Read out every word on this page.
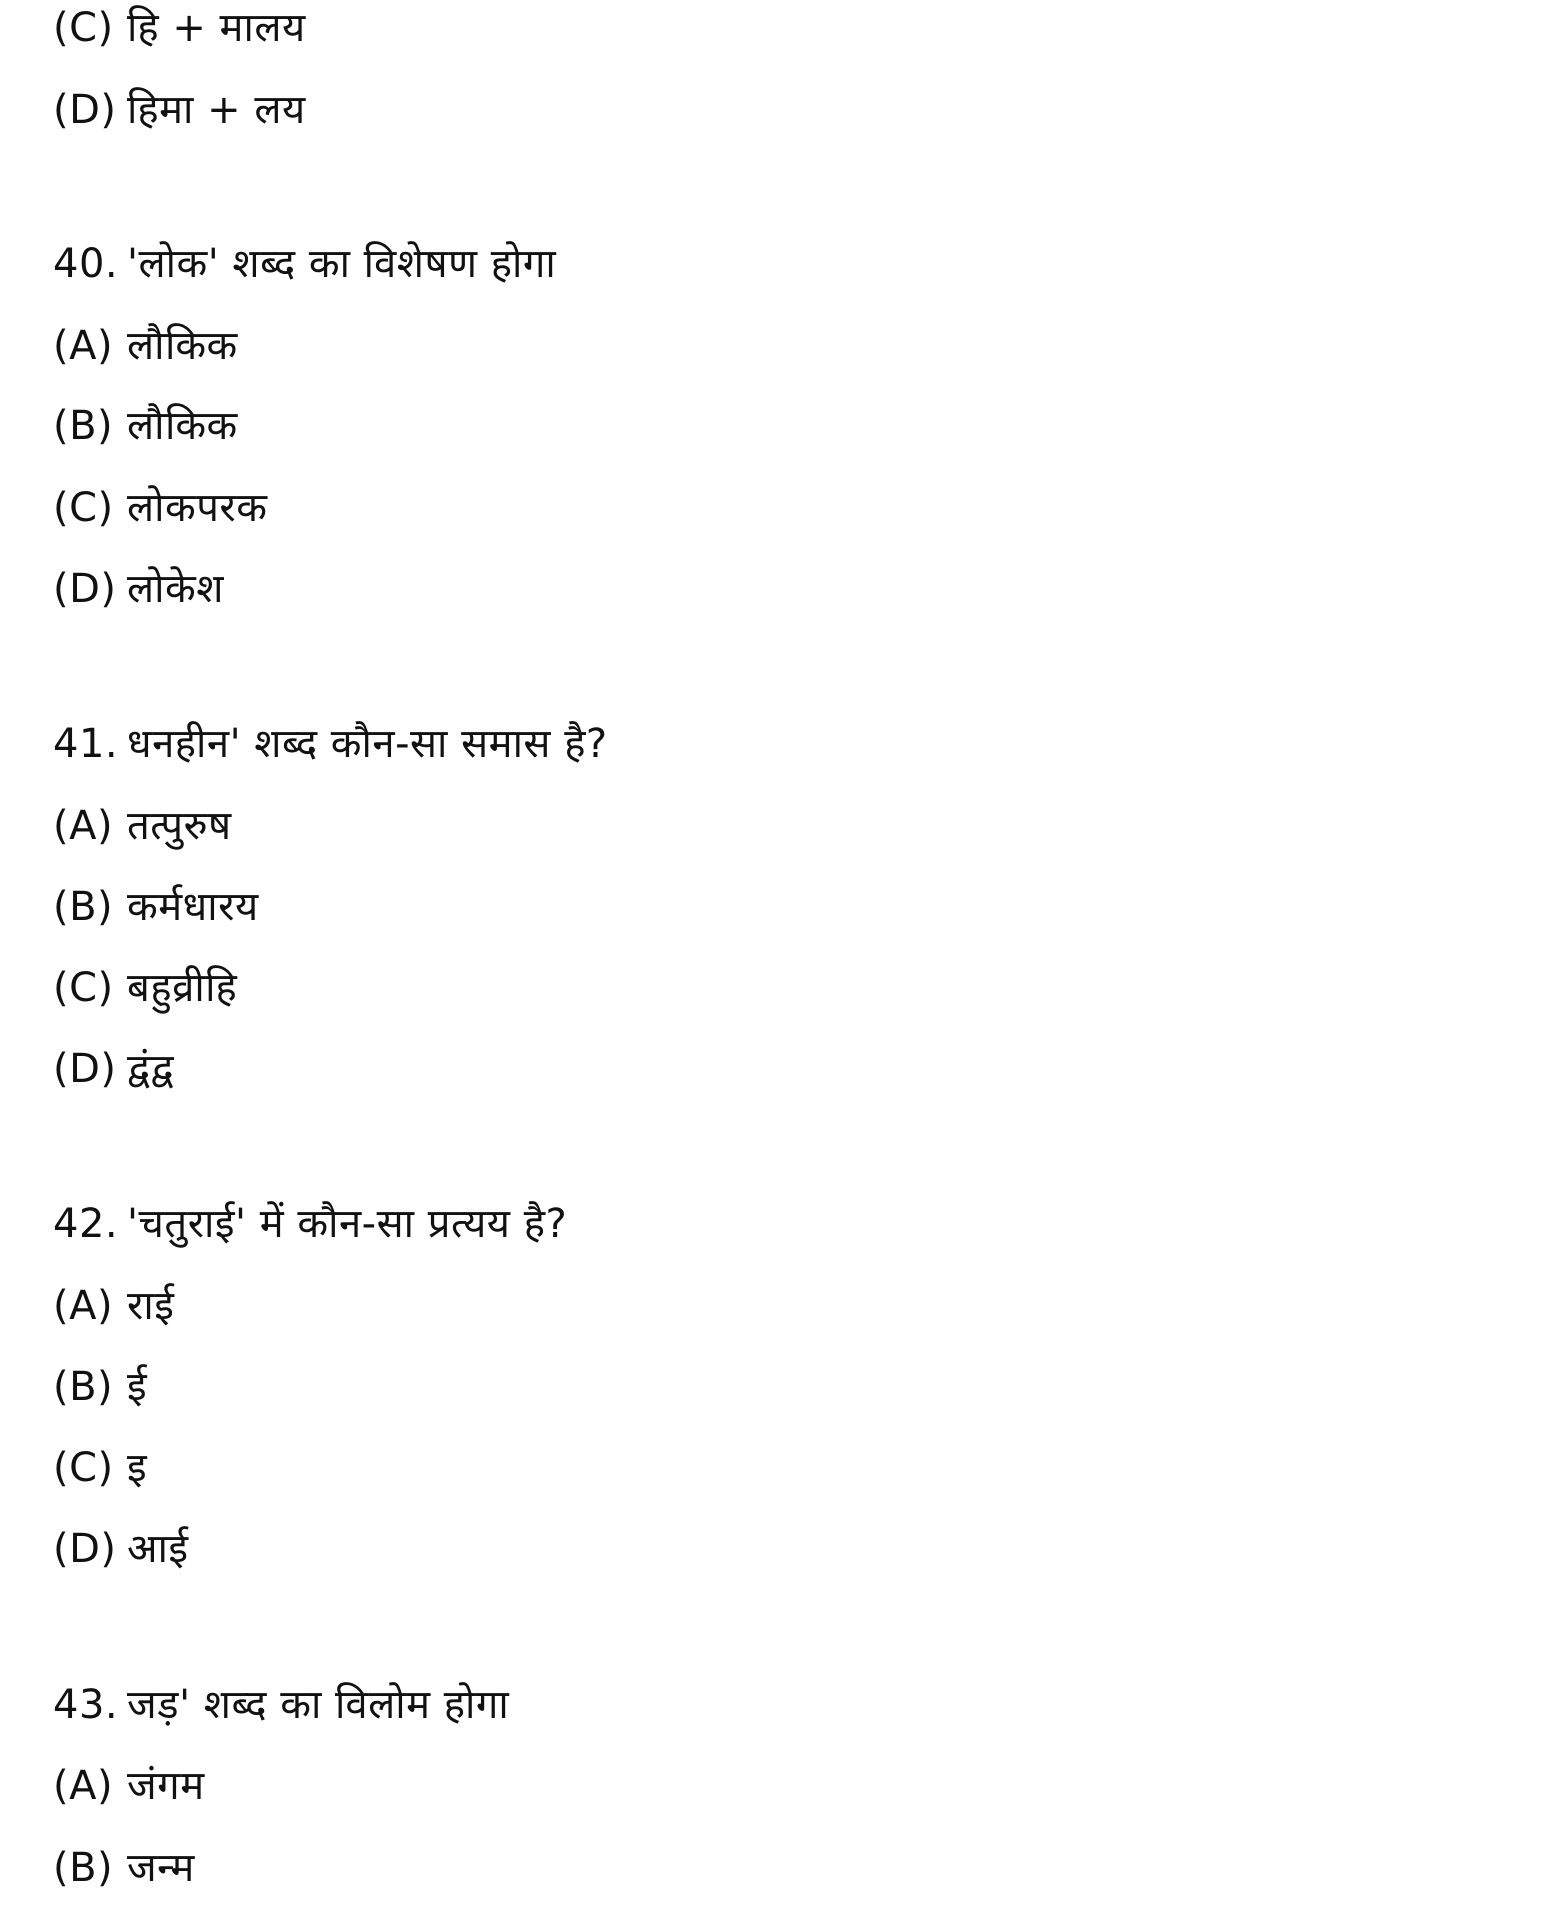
(C) हि + मालय
(D) हिमा + लय
40. 'लोक' शब्द का विशेषण होगा
(A) लौकिक
(B) लौकिक
(C) लोकपरक
(D) लोकेश
41. धनहीन' शब्द कौन-सा समास है?
(A) तत्पुरुष
(B) कर्मधारय
(C) बहुव्रीहि
(D) द्वंद्व
42. 'चतुराई' में कौन-सा प्रत्यय है?
(A) राई
(B) ई
(C) इ
(D) आई
43. जड़' शब्द का विलोम होगा
(A) जंगम
(B) जन्म
